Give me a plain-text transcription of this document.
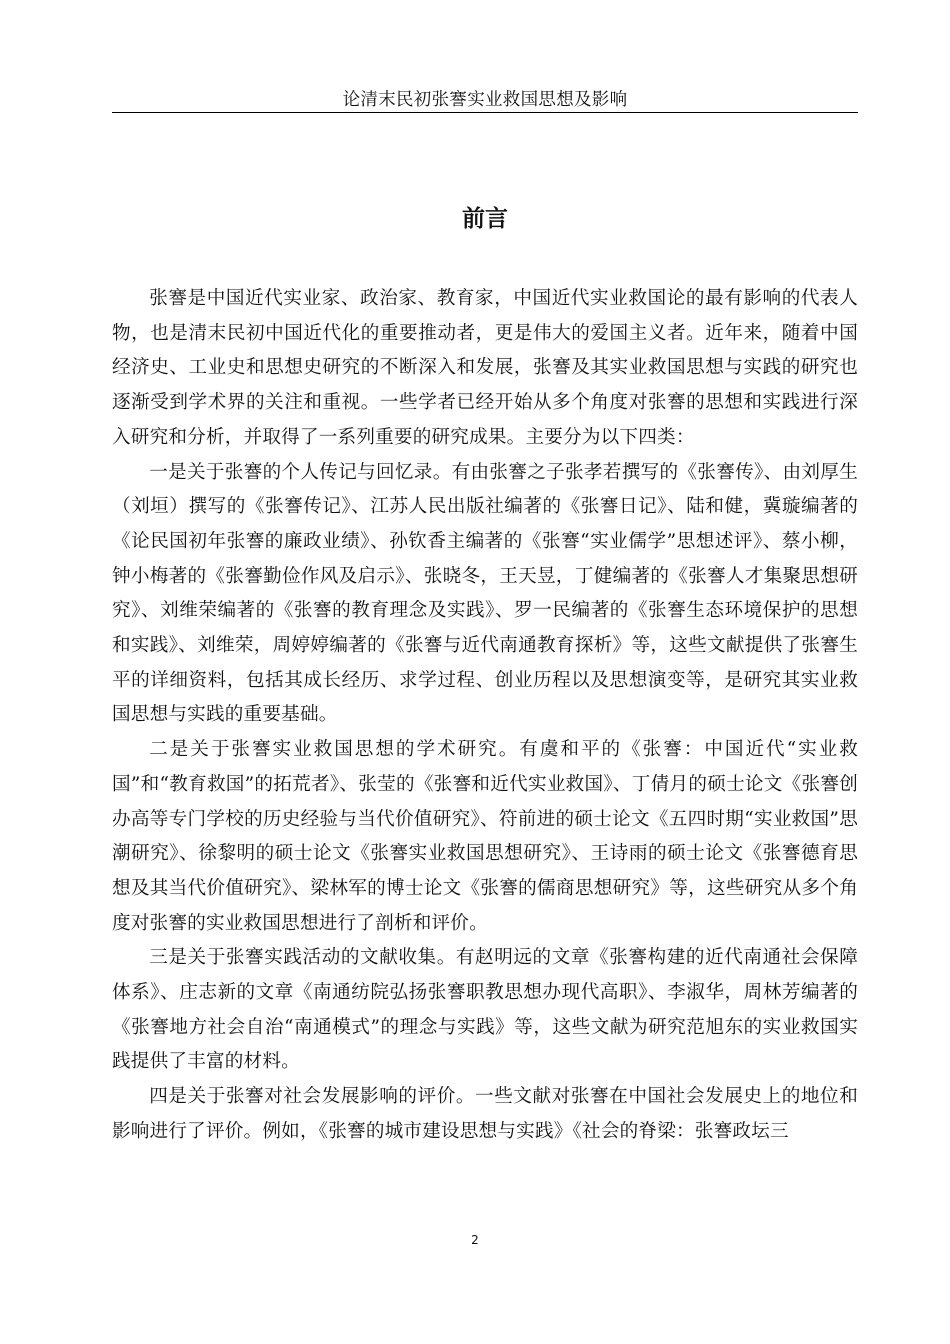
论清末民初张謇实业救国思想及影响
前言

张謇是中国近代实业家、政治家、教育家，中国近代实业救国论的最有影响的代表人物，也是清末民初中国近代化的重要推动者，更是伟大的爱国主义者。近年来，随着中国经济史、工业史和思想史研究的不断深入和发展，张謇及其实业救国思想与实践的研究也逐渐受到学术界的关注和重视。一些学者已经开始从多个角度对张謇的思想和实践进行深入研究和分析，并取得了一系列重要的研究成果。主要分为以下四类：

一是关于张謇的个人传记与回忆录。有由张謇之子张孝若撰写的《张謇传》、由刘厚生（刘垣）撰写的《张謇传记》、江苏人民出版社编著的《张謇日记》、陆和健，冀璇编著的《论民国初年张謇的廉政业绩》、孙钦香主编著的《张謇“实业儒学”思想述评》、蔡小柳，钟小梅著的《张謇勤俭作风及启示》、张晓冬，王天昱，丁健编著的《张謇人才集聚思想研究》、刘维荣编著的《张謇的教育理念及实践》、罗一民编著的《张謇生态环境保护的思想和实践》、刘维荣，周婷婷编著的《张謇与近代南通教育探析》等，这些文献提供了张謇生平的详细资料，包括其成长经历、求学过程、创业历程以及思想演变等，是研究其实业救国思想与实践的重要基础。

二是关于张謇实业救国思想的学术研究。有虞和平的《张謇：中国近代“实业救国”和“教育救国”的拓荒者》、张莹的《张謇和近代实业救国》、丁倩月的硕士论文《张謇创办高等专门学校的历史经验与当代价值研究》、符前进的硕士论文《五四时期“实业救国”思潮研究》、徐黎明的硕士论文《张謇实业救国思想研究》、王诗雨的硕士论文《张謇德育思想及其当代价值研究》、梁林军的博士论文《张謇的儒商思想研究》等，这些研究从多个角度对张謇的实业救国思想进行了剖析和评价。

三是关于张謇实践活动的文献收集。有赵明远的文章《张謇构建的近代南通社会保障体系》、庄志新的文章《南通纺院弘扬张謇职教思想办现代高职》、李淑华，周林芳编著的《张謇地方社会自治“南通模式”的理念与实践》等，这些文献为研究范旭东的实业救国实践提供了丰富的材料。

四是关于张謇对社会发展影响的评价。一些文献对张謇在中国社会发展史上的地位和影响进行了评价。例如，《张謇的城市建设思想与实践》《社会的脊梁：张謇政坛三

2
